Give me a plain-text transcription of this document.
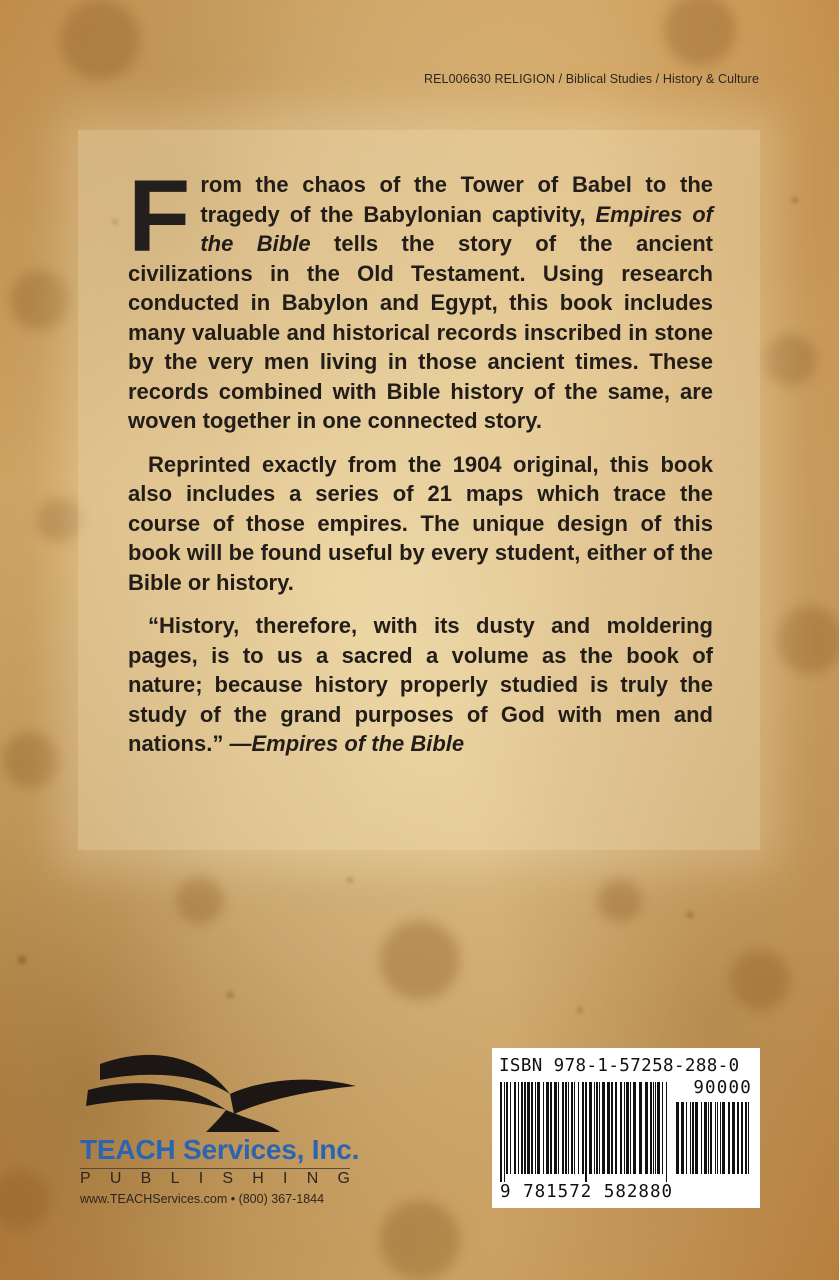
REL006630 RELIGION / Biblical Studies / History & Culture

From the chaos of the Tower of Babel to the tragedy of the Babylonian captivity, Empires of the Bible tells the story of the ancient civilizations in the Old Testament. Using research conducted in Babylon and Egypt, this book includes many valuable and historical records inscribed in stone by the very men living in those ancient times. These records combined with Bible history of the same, are woven together in one connected story.

Reprinted exactly from the 1904 original, this book also includes a series of 21 maps which trace the course of those empires. The unique design of this book will be found useful by every student, either of the Bible or history.

“History, therefore, with its dusty and moldering pages, is to us a sacred a volume as the book of nature; because history properly studied is truly the study of the grand purposes of God with men and nations.” —Empires of the Bible

TEACH Services, Inc.
P U B L I S H I N G
www.TEACHServices.com • (800) 367-1844
ISBN 978-1-57258-288-0
90000
9 781572 582880
